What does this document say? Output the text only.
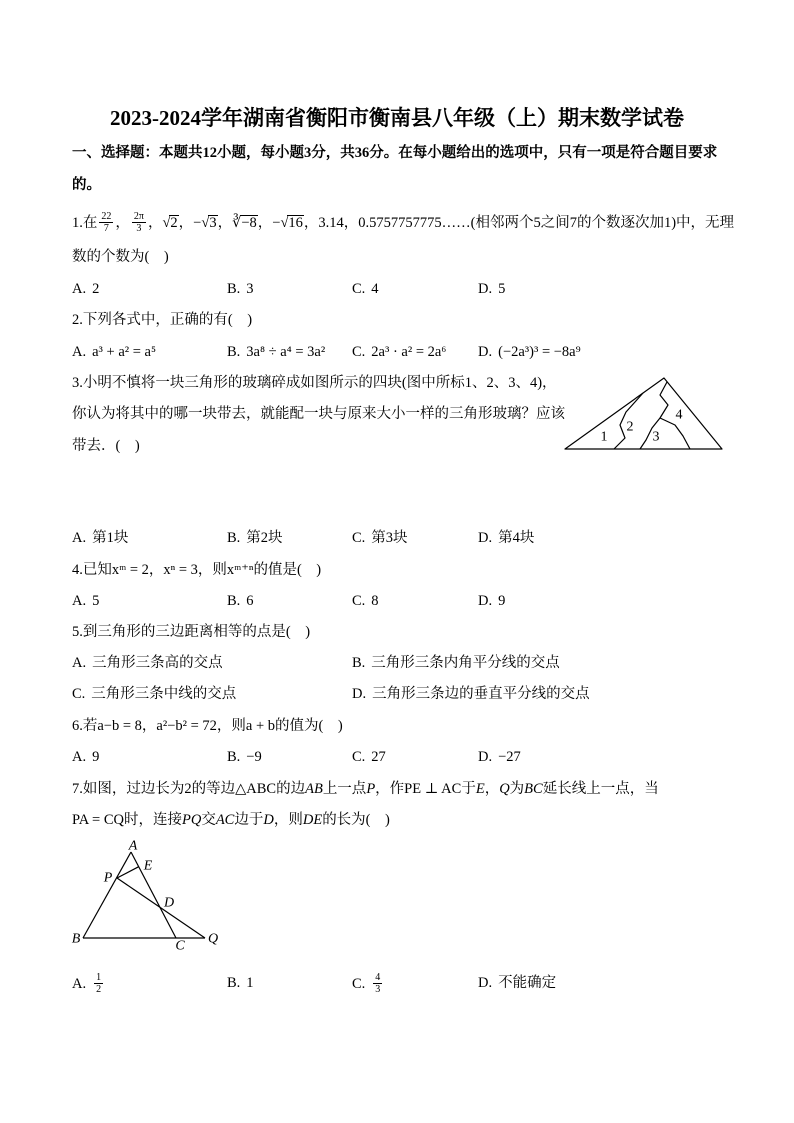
2023-2024学年湖南省衡阳市衡南县八年级（上）期末数学试卷
一、选择题：本题共12小题，每小题3分，共36分。在每小题给出的选项中，只有一项是符合题目要求
的。
1.在 $\frac{22}{7}$ ， $\frac{2\pi}{3}$ ，√2，−√3，∛−8，−√16，3.14，0.5757757775……(相邻两个5之间7的个数逐次加1)中，无理
数的个数为(　)
A. 2	B. 3	C. 4	D. 5
2.下列各式中，正确的有(　)
A. a³ + a² = a⁵	B. 3a⁸ ÷ a⁴ = 3a² C. 2a³ · a² = 2a⁶ D. (−2a³)³ = −8a⁹
3.小明不慎将一块三角形的玻璃碎成如图所示的四块(图中所标1、2、3、4)，
你认为将其中的哪一块带去，就能配一块与原来大小一样的三角形玻璃？应该
带去．(　)
1
2
3
4
A. 第1块	B. 第2块	C. 第3块	D. 第4块
4.已知xᵐ = 2，xⁿ = 3，则xᵐ⁺ⁿ的值是(　)
A. 5	B. 6	C. 8	D. 9
5.到三角形的三边距离相等的点是(　)
A. 三角形三条高的交点	B. 三角形三条内角平分线的交点
C. 三角形三条中线的交点	D. 三角形三条边的垂直平分线的交点
6.若a−b = 8，a²−b² = 72，则a + b的值为(　)
A. 9	B. −9	C. 27	D. −27
7.如图，过边长为2的等边△ABC的边AB上一点P，作PE ⊥ AC于E，Q为BC延长线上一点，当
PA = CQ时，连接PQ交AC边于D，则DE的长为(　)
A
B	C
D
E
P
Q
A. $\frac{1}{2}$	B. 1	C. $\frac{4}{3}$	D. 不能确定
